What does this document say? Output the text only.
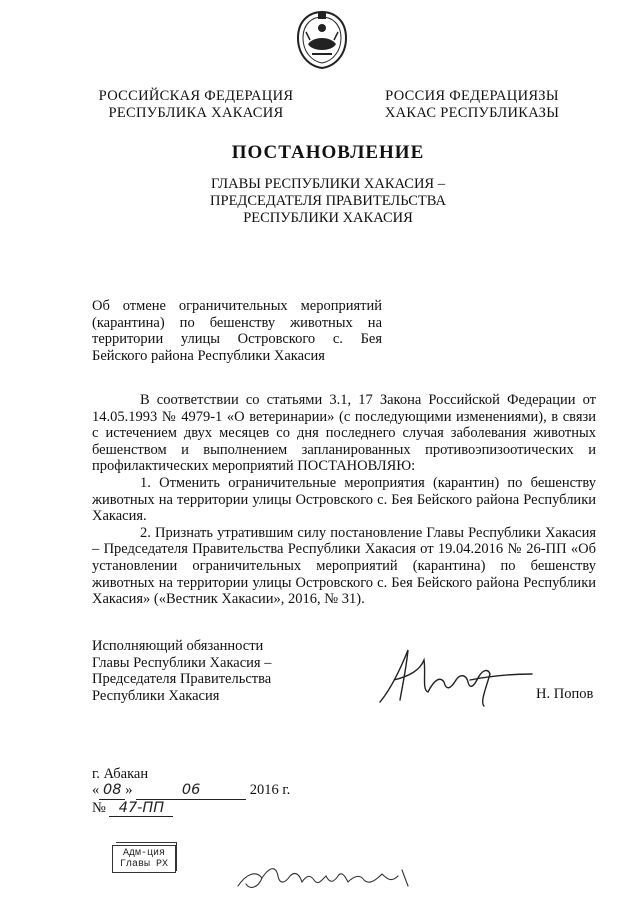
РОССИЙСКАЯ ФЕДЕРАЦИЯ
РЕСПУБЛИКА ХАКАСИЯ
РОССИЯ ФЕДЕРАЦИЯЗЫ
ХАКАС РЕСПУБЛИКАЗЫ
ПОСТАНОВЛЕНИЕ
ГЛАВЫ РЕСПУБЛИКИ ХАКАСИЯ –
ПРЕДСЕДАТЕЛЯ ПРАВИТЕЛЬСТВА
РЕСПУБЛИКИ ХАКАСИЯ
Об отмене ограничительных мероприятий (карантина) по бешенству животных на территории улицы Островского с. Бея Бейского района Республики Хакасия

В соответствии со статьями 3.1, 17 Закона Российской Федерации от 14.05.1993 № 4979-1 «О ветеринарии» (с последующими изменениями), в связи с истечением двух месяцев со дня последнего случая заболевания животных бешенством и выполнением запланированных противоэпизоотических и профилактических мероприятий ПОСТАНОВЛЯЮ:

1. Отменить ограничительные мероприятия (карантин) по бешенству животных на территории улицы Островского с. Бея Бейского района Республики Хакасия.

2. Признать утратившим силу постановление Главы Республики Хакасия – Председателя Правительства Республики Хакасия от 19.04.2016 № 26-ПП «Об установлении ограничительных мероприятий (карантина) по бешенству животных на территории улицы Островского с. Бея Бейского района Республики Хакасия» («Вестник Хакасии», 2016, № 31).

Исполняющий обязанности
Главы Республики Хакасия –
Председателя Правительства
Республики Хакасия	Н. Попов
г. Абакан
« 08 »	06	2016 г.
№ 47-ПП
Адм-ция
Главы РХ
